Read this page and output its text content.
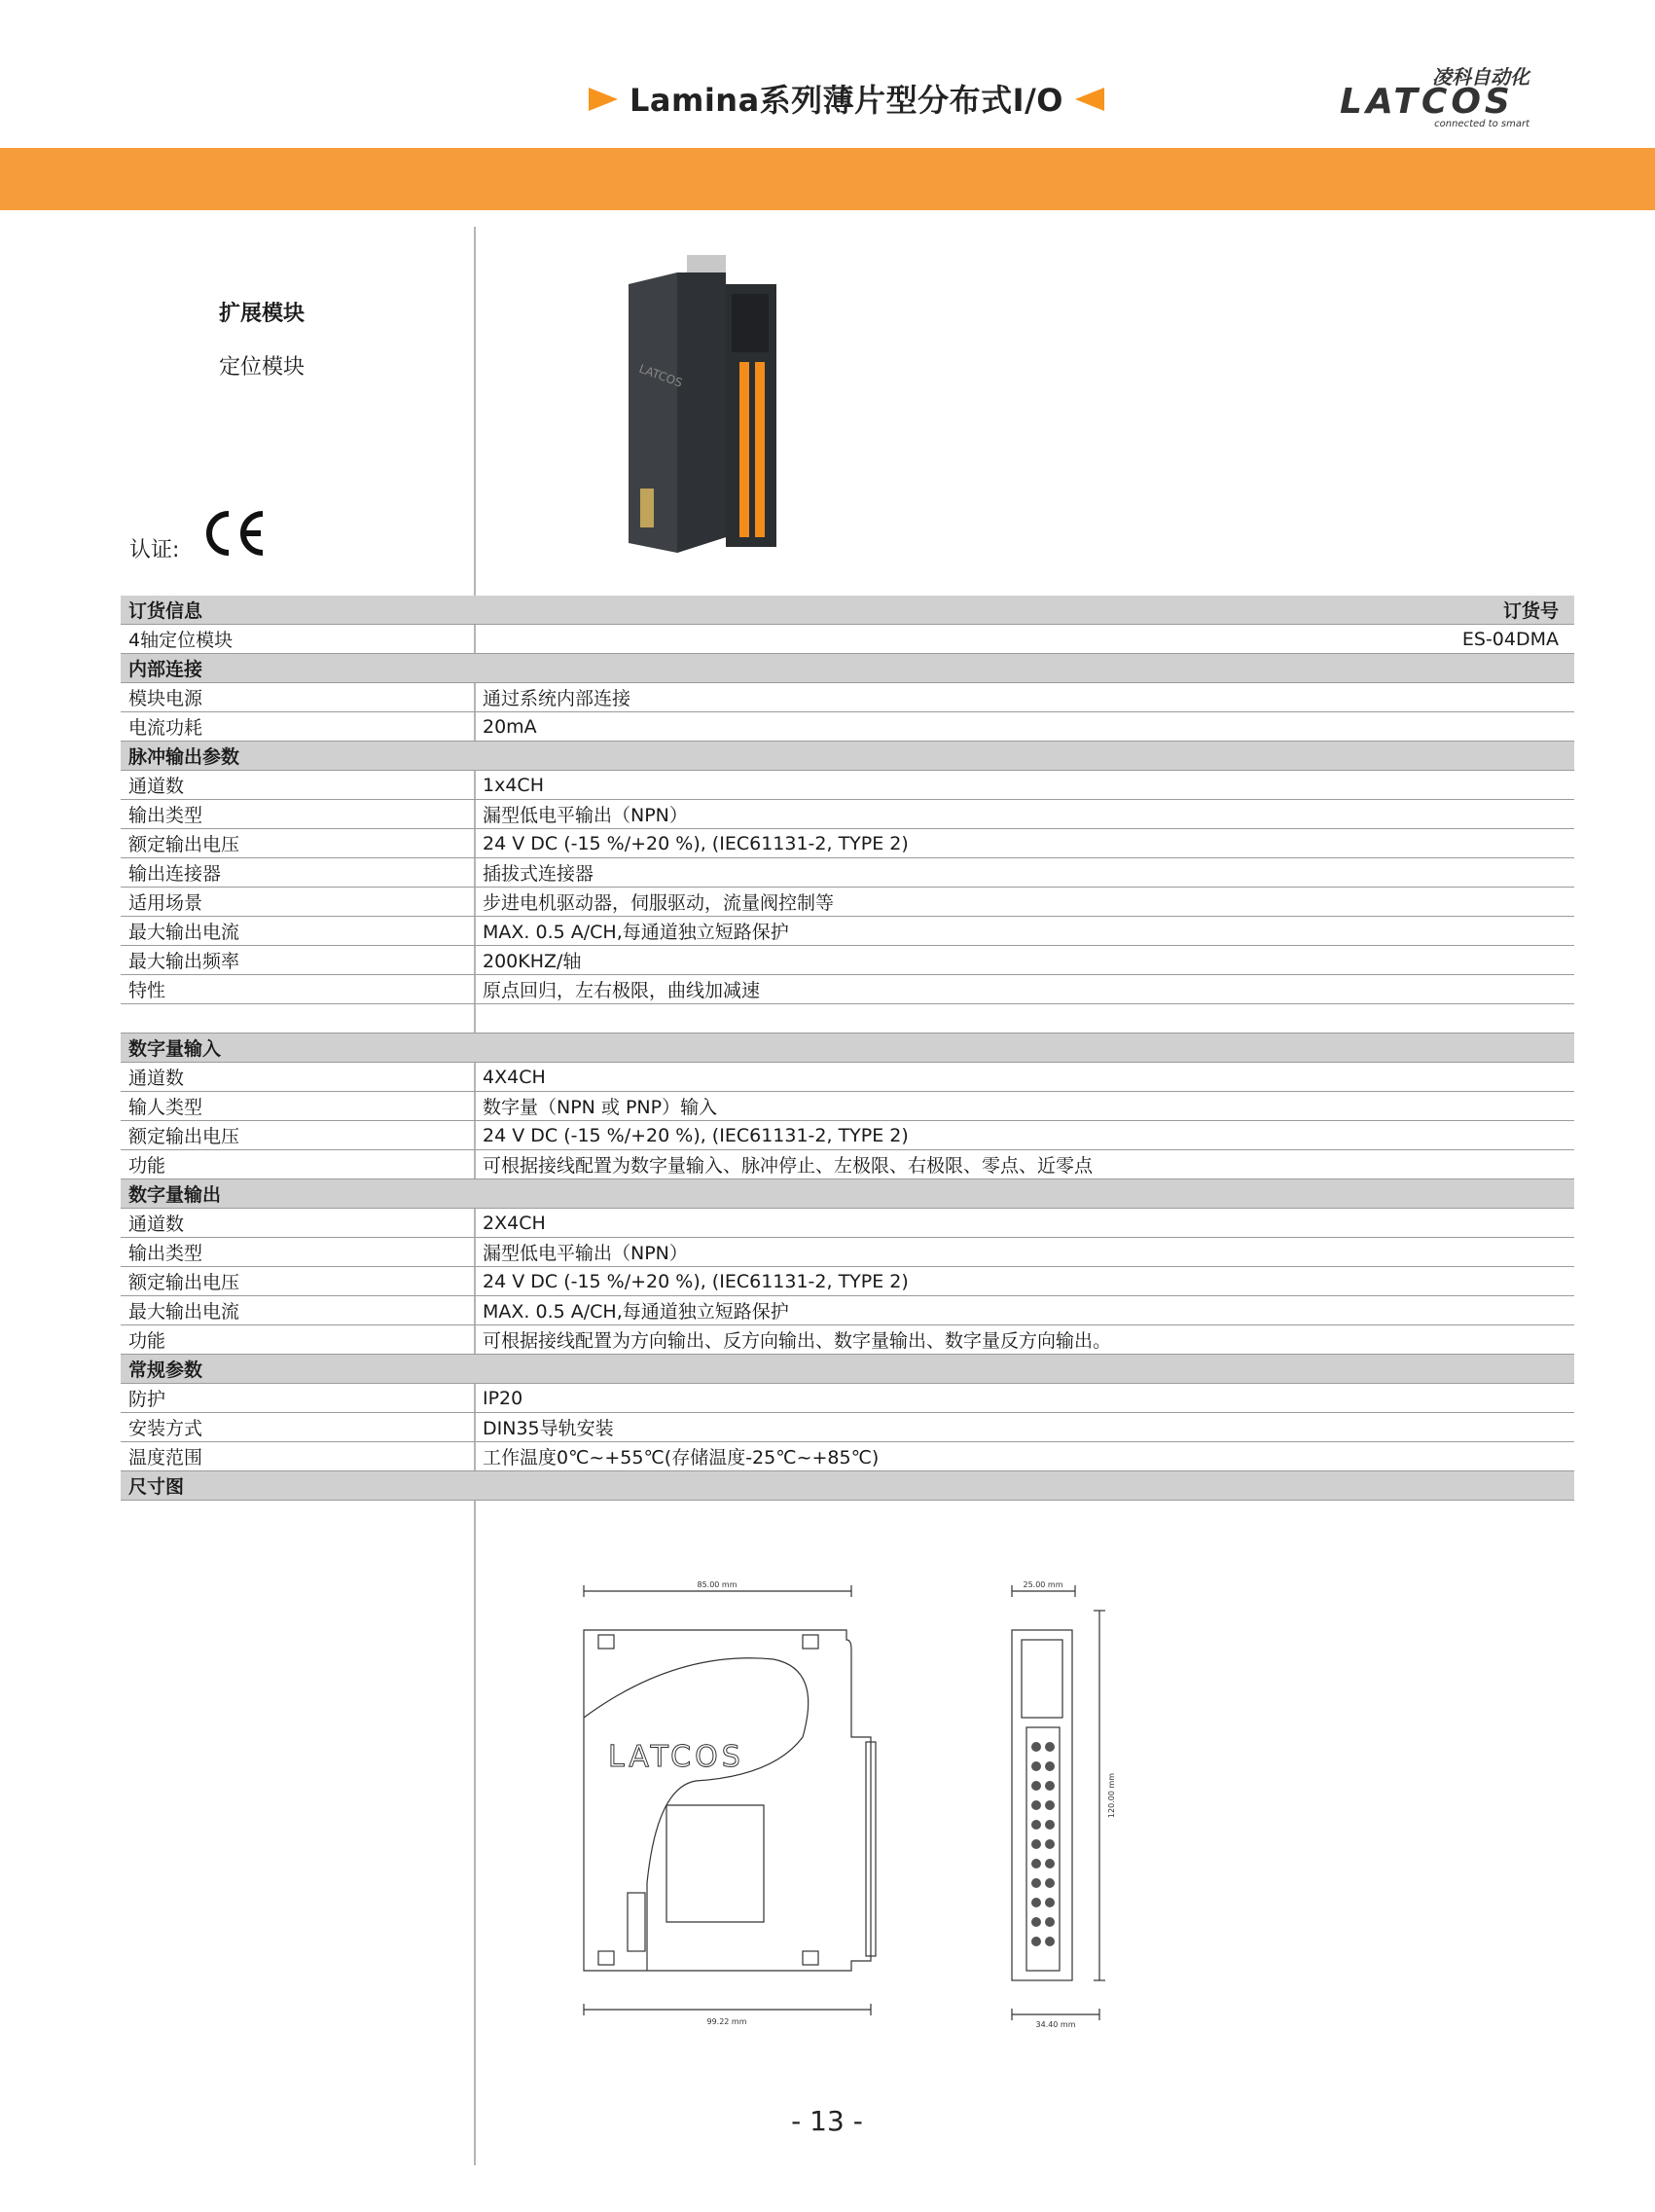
Lamina系列薄片型分布式I/O
凌科自动化
LATCOS
connected to smart
扩展模块
定位模块
认证:
LATCOS
订货信息	订货号
4轴定位模块	ES-04DMA
内部连接	
模块电源	通过系统内部连接
电流功耗	20mA
脉冲输出参数	
通道数	1x4CH
输出类型	漏型低电平输出（NPN）
额定输出电压	24 V DC (-15 %/+20 %), (IEC61131-2, TYPE 2)
输出连接器	插拔式连接器
适用场景	步进电机驱动器，伺服驱动，流量阀控制等
最大输出电流	MAX. 0.5 A/CH,每通道独立短路保护
最大输出频率	200KHZ/轴
特性	原点回归，左右极限，曲线加减速

数字量输入	
通道数	4X4CH
输人类型	数字量（NPN 或 PNP）输入
额定输出电压	24 V DC (-15 %/+20 %), (IEC61131-2, TYPE 2)
功能	可根据接线配置为数字量输入、脉冲停止、左极限、右极限、零点、近零点
数字量输出	
通道数	2X4CH
输出类型	漏型低电平输出（NPN）
额定输出电压	24 V DC (-15 %/+20 %), (IEC61131-2, TYPE 2)
最大输出电流	MAX. 0.5 A/CH,每通道独立短路保护
功能	可根据接线配置为方向输出、反方向输出、数字量输出、数字量反方向输出。
常规参数	
防护	IP20
安装方式	DIN35导轨安装
温度范围	工作温度0℃~+55℃(存储温度-25℃~+85℃)
尺寸图	
LATCOS
85.00 mm
99.22 mm
25.00 mm
34.40 mm
120.00 mm
- 13 -
